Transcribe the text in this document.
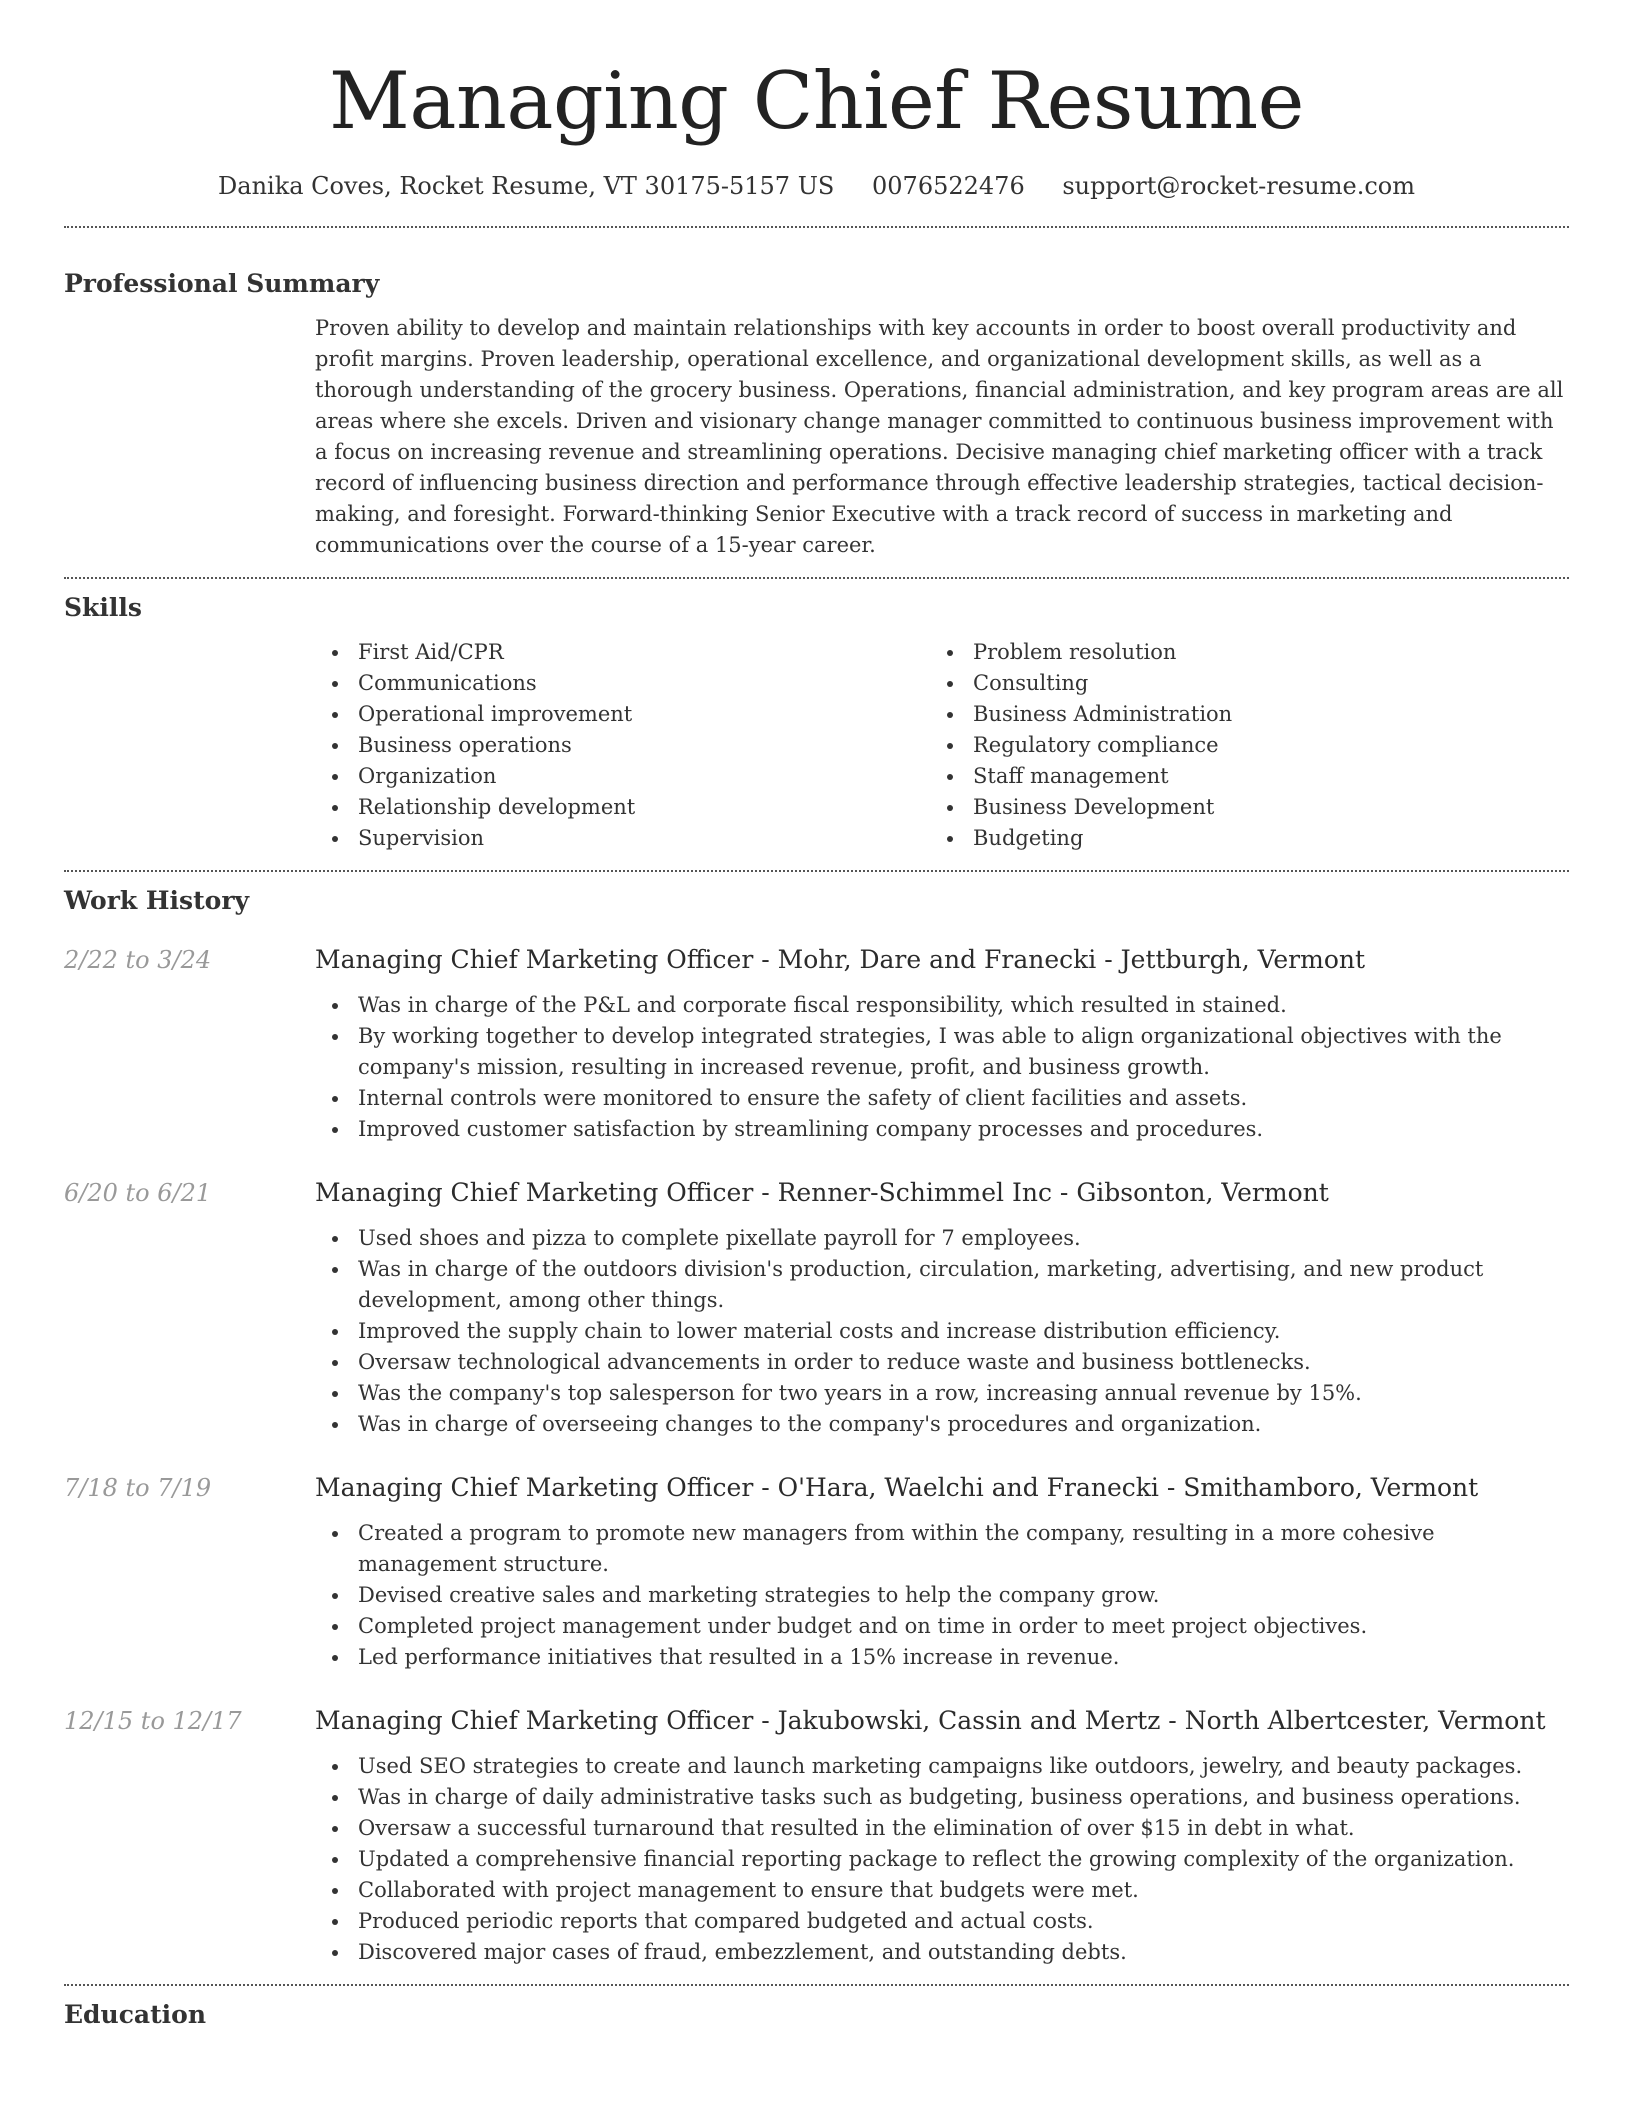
Managing Chief Resume
Danika Coves, Rocket Resume, VT 30175-5157 US 0076522476 support@rocket-resume.com
Professional Summary

Proven ability to develop and maintain relationships with key accounts in order to boost overall productivity and profit margins. Proven leadership, operational excellence, and organizational development skills, as well as a thorough understanding of the grocery business. Operations, financial administration, and key program areas are all areas where she excels. Driven and visionary change manager committed to continuous business improvement with a focus on increasing revenue and streamlining operations. Decisive managing chief marketing officer with a track record of influencing business direction and performance through effective leadership strategies, tactical decision-making, and foresight. Forward-thinking Senior Executive with a track record of success in marketing and communications over the course of a 15-year career.

Skills
First Aid/CPR
Communications
Operational improvement
Business operations
Organization
Relationship development
Supervision
Problem resolution
Consulting
Business Administration
Regulatory compliance
Staff management
Business Development
Budgeting
Work History
2/22 to 3/24	Managing Chief Marketing Officer - Mohr, Dare and Franecki - Jettburgh, Vermont
Was in charge of the P&L and corporate fiscal responsibility, which resulted in stained.
By working together to develop integrated strategies, I was able to align organizational objectives with the company's mission, resulting in increased revenue, profit, and business growth.
Internal controls were monitored to ensure the safety of client facilities and assets.
Improved customer satisfaction by streamlining company processes and procedures.
6/20 to 6/21	Managing Chief Marketing Officer - Renner-Schimmel Inc - Gibsonton, Vermont
Used shoes and pizza to complete pixellate payroll for 7 employees.
Was in charge of the outdoors division's production, circulation, marketing, advertising, and new product development, among other things.
Improved the supply chain to lower material costs and increase distribution efficiency.
Oversaw technological advancements in order to reduce waste and business bottlenecks.
Was the company's top salesperson for two years in a row, increasing annual revenue by 15%.
Was in charge of overseeing changes to the company's procedures and organization.
7/18 to 7/19	Managing Chief Marketing Officer - O'Hara, Waelchi and Franecki - Smithamboro, Vermont
Created a program to promote new managers from within the company, resulting in a more cohesive management structure.
Devised creative sales and marketing strategies to help the company grow.
Completed project management under budget and on time in order to meet project objectives.
Led performance initiatives that resulted in a 15% increase in revenue.
12/15 to 12/17	Managing Chief Marketing Officer - Jakubowski, Cassin and Mertz - North Albertcester, Vermont
Used SEO strategies to create and launch marketing campaigns like outdoors, jewelry, and beauty packages.
Was in charge of daily administrative tasks such as budgeting, business operations, and business operations.
Oversaw a successful turnaround that resulted in the elimination of over $15 in debt in what.
Updated a comprehensive financial reporting package to reflect the growing complexity of the organization.
Collaborated with project management to ensure that budgets were met.
Produced periodic reports that compared budgeted and actual costs.
Discovered major cases of fraud, embezzlement, and outstanding debts.
Education
